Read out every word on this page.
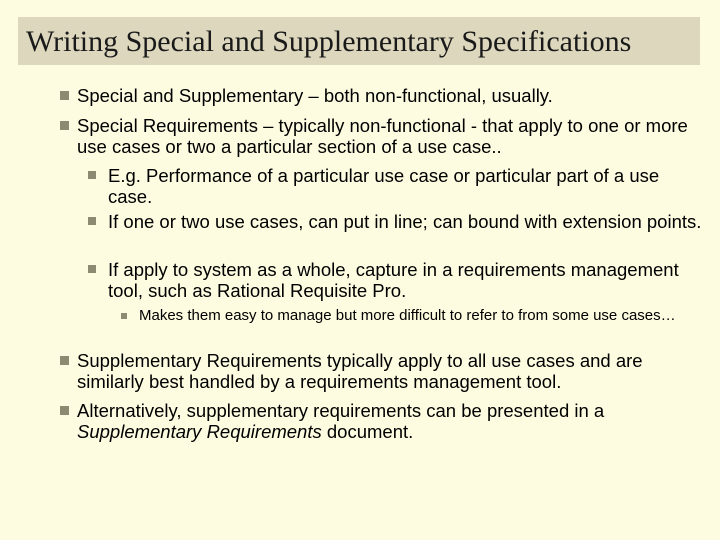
Writing Special and Supplementary Specifications
Special and Supplementary – both non-functional, usually.
Special Requirements – typically non-functional - that apply to one or more use cases or two a particular section of a use case..
E.g. Performance of a particular use case or particular part of a use case.
If one or two use cases, can put in line; can bound with extension points.
If apply to system as a whole, capture in a requirements management tool, such as Rational Requisite Pro.
Makes them easy to manage but more difficult to refer to from some use cases…
Supplementary Requirements typically apply to all use cases and are similarly best handled by a requirements management tool.
Alternatively, supplementary requirements can be presented in a Supplementary Requirements document.
